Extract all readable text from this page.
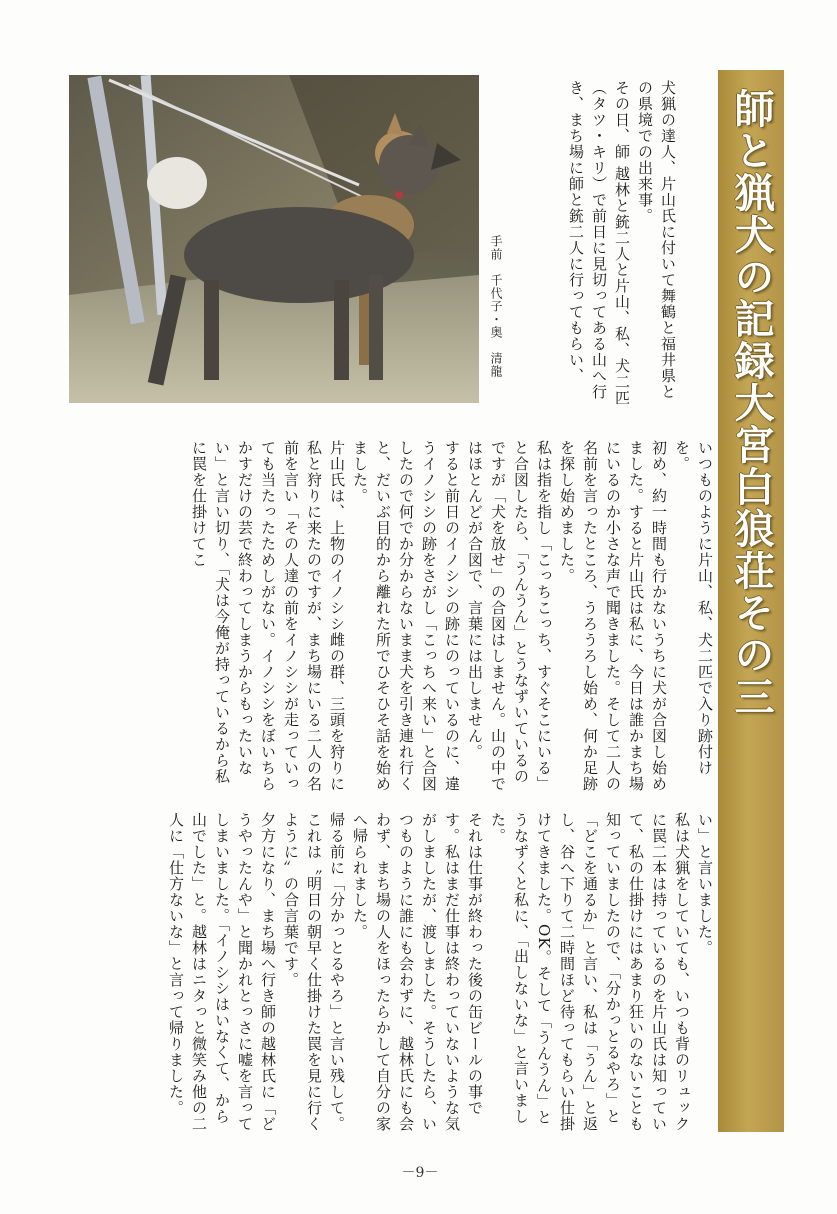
師と猟犬の記録大宮白狼荘その三

犬猟の達人、片山氏に付いて舞鶴と福井県との県境での出来事。

その日、師 越林と銃二人と片山、私、犬二匹（タツ・キリ）で前日に見切ってある山へ行き、まち場に師と銃二人に行ってもらい、

手前　千代子・奥　清龍

いつものように片山、私、犬二匹で入り跡付けを。

初め、約一時間も行かないうちに犬が合図し始めました。すると片山氏は私に、今日は誰かまち場にいるのか小さな声で聞きました。そして二人の名前を言ったところ、うろうろし始め、何か足跡を探し始めました。

私は指を指し「こっちこっち、すぐそこにいる」と合図したら、「うんうん」とうなずいているのですが「犬を放せ」の合図はしません。山の中ではほとんどが合図で、言葉には出しません。

すると前日のイノシシの跡にのっているのに、違うイノシシの跡をさがし「こっちへ来い」と合図したので何でか分からないまま犬を引き連れ行くと、だいぶ目的から離れた所でひそひそ話を始めました。

片山氏は、上物のイノシシ雌の群、三頭を狩りに私と狩りに来たのですが、まち場にいる二人の名前を言い「その人達の前をイノシシが走っていっても当たったためしがない。イノシシをぼいちらかすだけの芸で終わってしまうからもったいない」と言い切り、「犬は今俺が持っているから私に罠を仕掛けてこ

い」と言いました。

私は犬猟をしていても、いつも背のリュックに罠二本は持っているのを片山氏は知っていて、私の仕掛けにはあまり狂いのないことも知っていましたので、「分かっとるやろ」と「どこを通るか」と言い、私は「うん」と返し、谷へ下りて二時間ほど待ってもらい仕掛けてきました。OK。そして「うんうん」とうなずくと私に、「出しないな」と言いました。

それは仕事が終わった後の缶ビールの事です。私はまだ仕事は終わっていないような気がしましたが、渡しました。そうしたら、いつものように誰にも会わずに、越林氏にも会わず、まち場の人をほったらかして自分の家へ帰られました。

帰る前に「分かっとるやろ」と言い残して。これは〝明日の朝早く仕掛けた罠を見に行くように〟の合言葉です。

夕方になり、まち場へ行き師の越林氏に「どうやったんや」と聞かれとっさに嘘を言ってしまいました。「イノシシはいなくて、から山でした」と。越林はニタっと微笑み他の二人に「仕方ないな」と言って帰りました。

－9－
